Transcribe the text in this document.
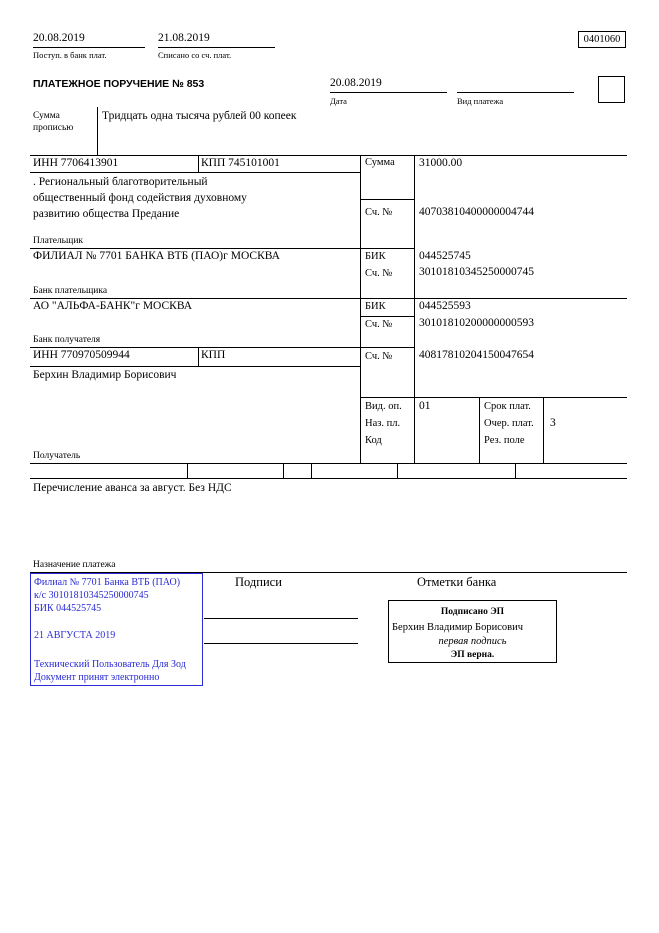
20.08.2019
Поступ. в банк плат.
21.08.2019
Списано со сч. плат.
0401060
ПЛАТЕЖНОЕ ПОРУЧЕНИЕ № 853	20.08.2019
Дата	Вид платежа
Сумма
прописью
Тридцать одна тысяча рублей 00 копеек
ИНН 7706413901	КПП 745101001
. Региональный благотворительный общественный фонд содействия духовному развитию общества Предание
Плательщик
Сумма 31000.00
Сч. № 40703810400000004744
ФИЛИАЛ № 7701 БАНКА ВТБ (ПАО)г МОСКВА
Банк плательщика
БИК	044525745
Сч. № 30101810345250000745
АО "АЛЬФА-БАНК"г МОСКВА
Банк получателя
БИК	044525593
Сч. № 30101810200000000593
ИНН 770970509944	КПП
Берхин Владимир Борисович
Получатель
Сч. № 40817810204150047654
Вид. оп. 01
Наз. пл.
Код
Срок плат.
Очер. плат. 3
Рез. поле
Перечисление аванса за август. Без НДС
Назначение платежа
Подписи	Отметки банка
Филиал № 7701 Банка ВТБ (ПАО)
к/с 30101810345250000745
БИК 044525745
21 АВГУСТА 2019
Технический Пользователь Для Зод
Документ принят электронно
Подписано ЭП
Берхин Владимир Борисович
первая подпись
ЭП верна.
